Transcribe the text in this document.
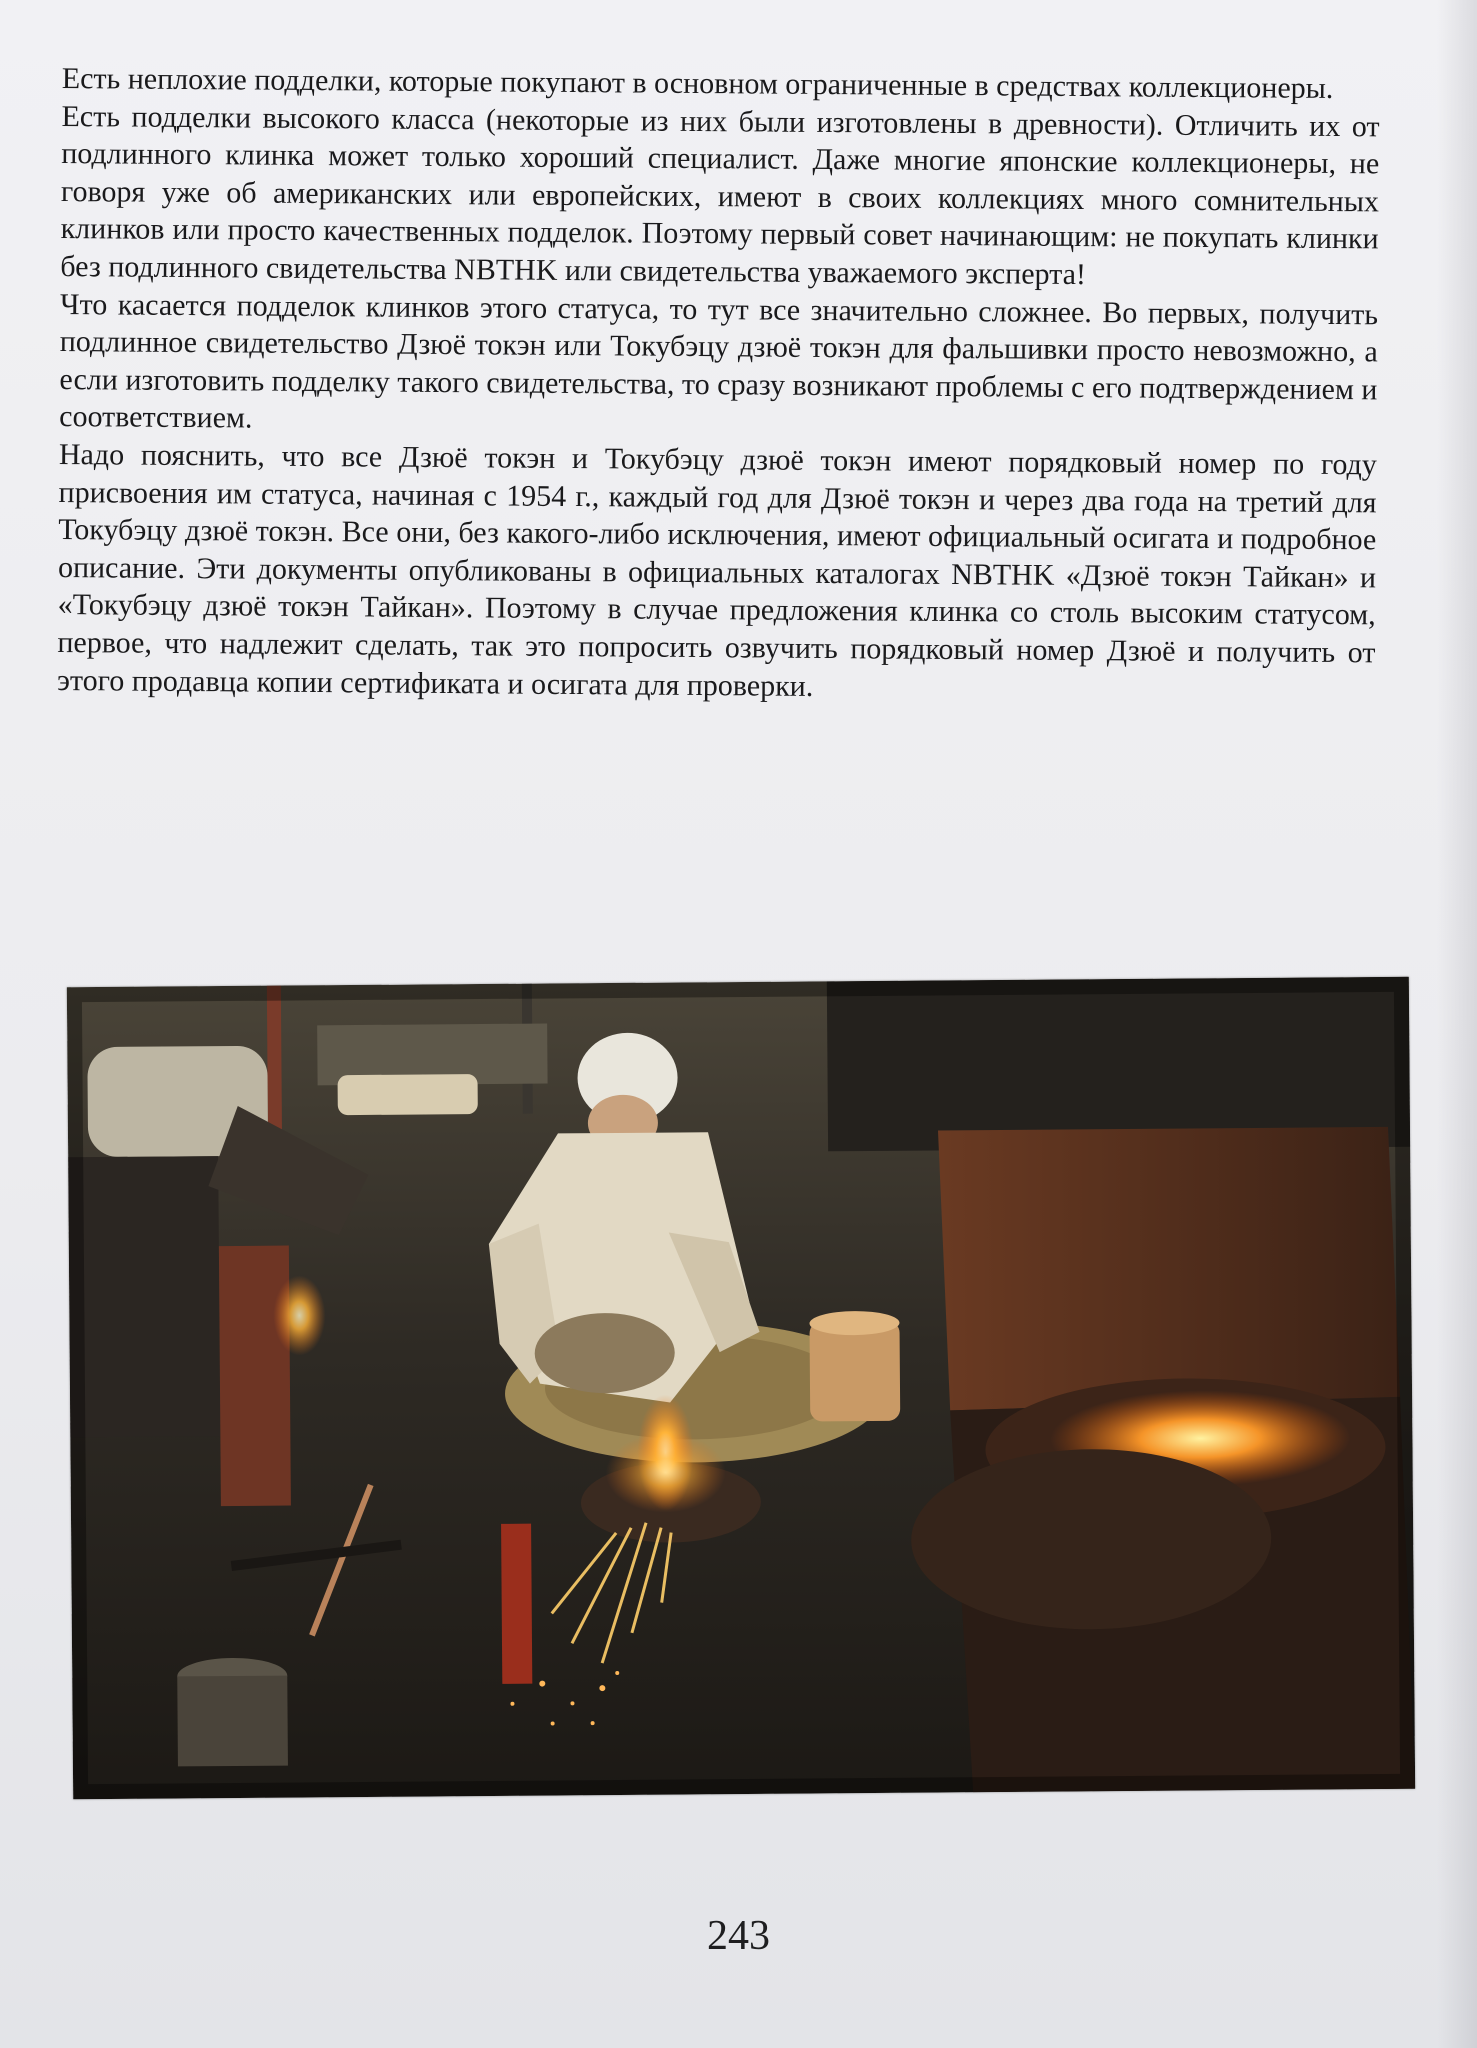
Есть неплохие подделки, которые покупают в основном ограниченные в средствах коллекционеры.

Есть подделки высокого класса (некоторые из них были изготовлены в древности). Отличить их от подлинного клинка может только хороший специалист. Даже многие японские коллекционеры, не говоря уже об американских или европейских, имеют в своих коллекциях много сомнительных клинков или просто качественных подделок. Поэтому первый совет начинающим: не покупать клинки без подлинного свидетельства NBTHK или свидетельства уважаемого эксперта!

Что касается подделок клинков этого статуса, то тут все значительно сложнее. Во первых, получить подлинное свидетельство Дзюё токэн или Токубэцу дзюё токэн для фальшивки просто невозможно, а если изготовить подделку такого свидетельства, то сразу возникают проблемы с его подтверждением и соответствием.

Надо пояснить, что все Дзюё токэн и Токубэцу дзюё токэн имеют порядковый номер по году присвоения им статуса, начиная с 1954 г., каждый год для Дзюё токэн и через два года на третий для Токубэцу дзюё токэн. Все они, без какого-либо исключения, имеют официальный осигата и подробное описание. Эти документы опубликованы в официальных каталогах NBTHK «Дзюё токэн Тайкан» и «Токубэцу дзюё токэн Тайкан». Поэтому в случае предложения клинка со столь высоким статусом, первое, что надлежит сделать, так это попросить озвучить порядковый номер Дзюё и получить от этого продавца копии сертификата и осигата для проверки.

243
